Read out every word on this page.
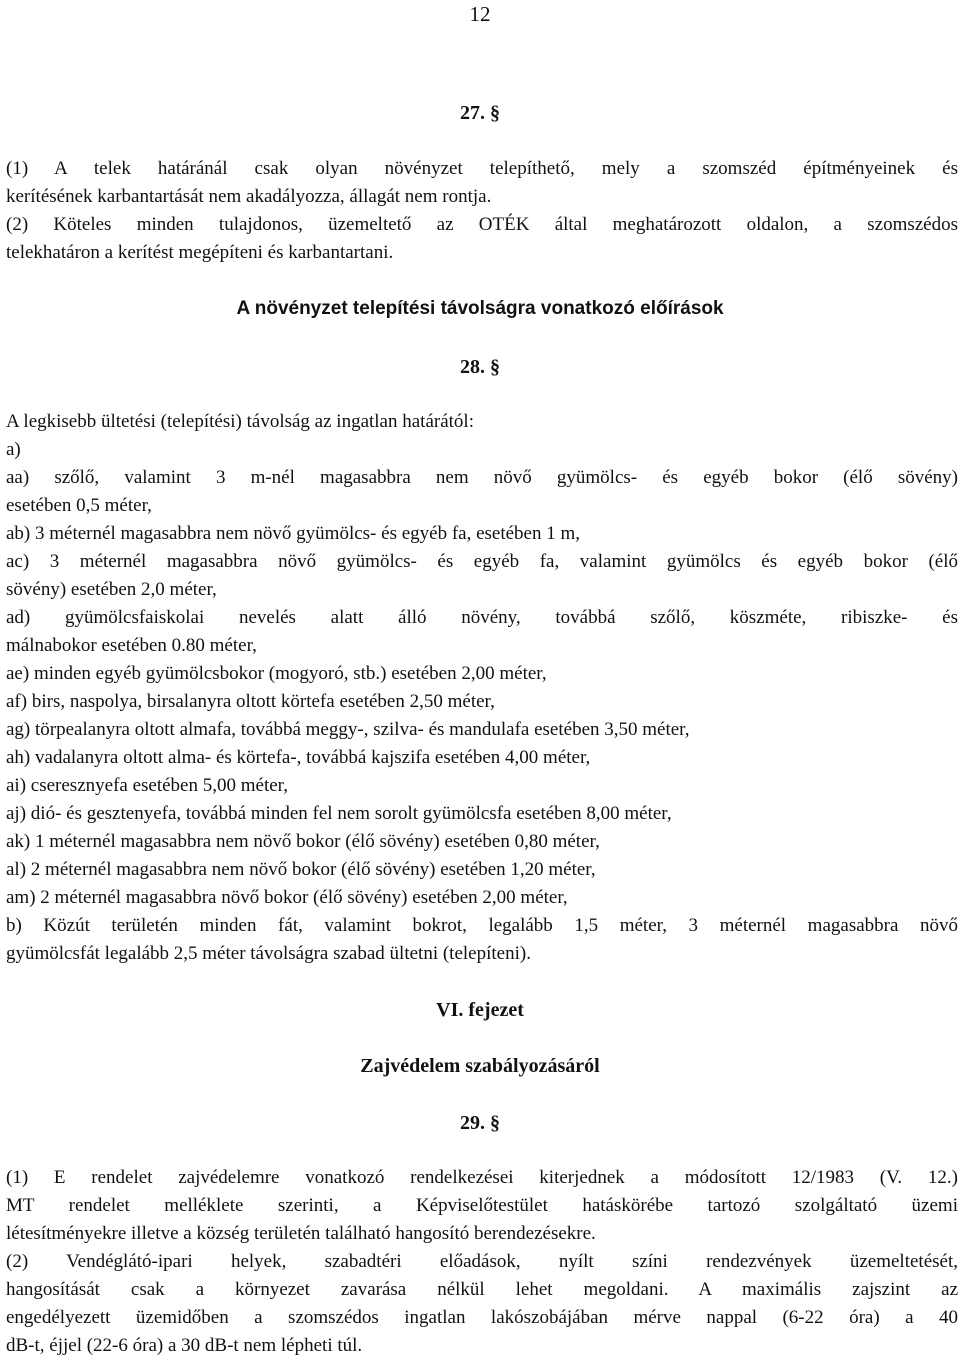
12
27. §
(1) A telek határánál csak olyan növényzet telepíthető, mely a szomszéd építményeinek és
kerítésének karbantartását nem akadályozza, állagát nem rontja.
(2) Köteles minden tulajdonos, üzemeltető az OTÉK által meghatározott oldalon, a szomszédos
telekhatáron a kerítést megépíteni és karbantartani.
A növényzet telepítési távolságra vonatkozó előírások
28. §
A legkisebb ültetési (telepítési) távolság az ingatlan határától:
a)
aa) szőlő, valamint 3 m-nél magasabbra nem növő gyümölcs- és egyéb bokor (élő sövény)
esetében 0,5 méter,
ab) 3 méternél magasabbra nem növő gyümölcs- és egyéb fa, esetében 1 m,
ac) 3 méternél magasabbra növő gyümölcs- és egyéb fa, valamint gyümölcs és egyéb bokor (élő
sövény) esetében 2,0 méter,
ad) gyümölcsfaiskolai nevelés alatt álló növény, továbbá szőlő, köszméte, ribiszke- és
málnabokor esetében 0.80 méter,
ae) minden egyéb gyümölcsbokor (mogyoró, stb.) esetében 2,00 méter,
af) birs, naspolya, birsalanyra oltott körtefa esetében 2,50 méter,
ag) törpealanyra oltott almafa, továbbá meggy-, szilva- és mandulafa esetében 3,50 méter,
ah) vadalanyra oltott alma- és körtefa-, továbbá kajszifa esetében 4,00 méter,
ai) cseresznyefa esetében 5,00 méter,
aj) dió- és gesztenyefa, továbbá minden fel nem sorolt gyümölcsfa esetében 8,00 méter,
ak) 1 méternél magasabbra nem növő bokor (élő sövény) esetében 0,80 méter,
al) 2 méternél magasabbra nem növő bokor (élő sövény) esetében 1,20 méter,
am) 2 méternél magasabbra növő bokor (élő sövény) esetében 2,00 méter,
b) Közút területén minden fát, valamint bokrot, legalább 1,5 méter, 3 méternél magasabbra növő
gyümölcsfát legalább 2,5 méter távolságra szabad ültetni (telepíteni).
VI. fejezet
Zajvédelem szabályozásáról
29. §
(1) E rendelet zajvédelemre vonatkozó rendelkezései kiterjednek a módosított 12/1983 (V. 12.)
MT rendelet melléklete szerinti, a Képviselőtestület hatáskörébe tartozó szolgáltató üzemi
létesítményekre illetve a község területén található hangosító berendezésekre.
(2) Vendéglátó-ipari helyek, szabadtéri előadások, nyílt színi rendezvények üzemeltetését,
hangosítását csak a környezet zavarása nélkül lehet megoldani. A maximális zajszint az
engedélyezett üzemidőben a szomszédos ingatlan lakószobájában mérve nappal (6-22 óra) a 40
dB-t, éjjel (22-6 óra) a 30 dB-t nem lépheti túl.
